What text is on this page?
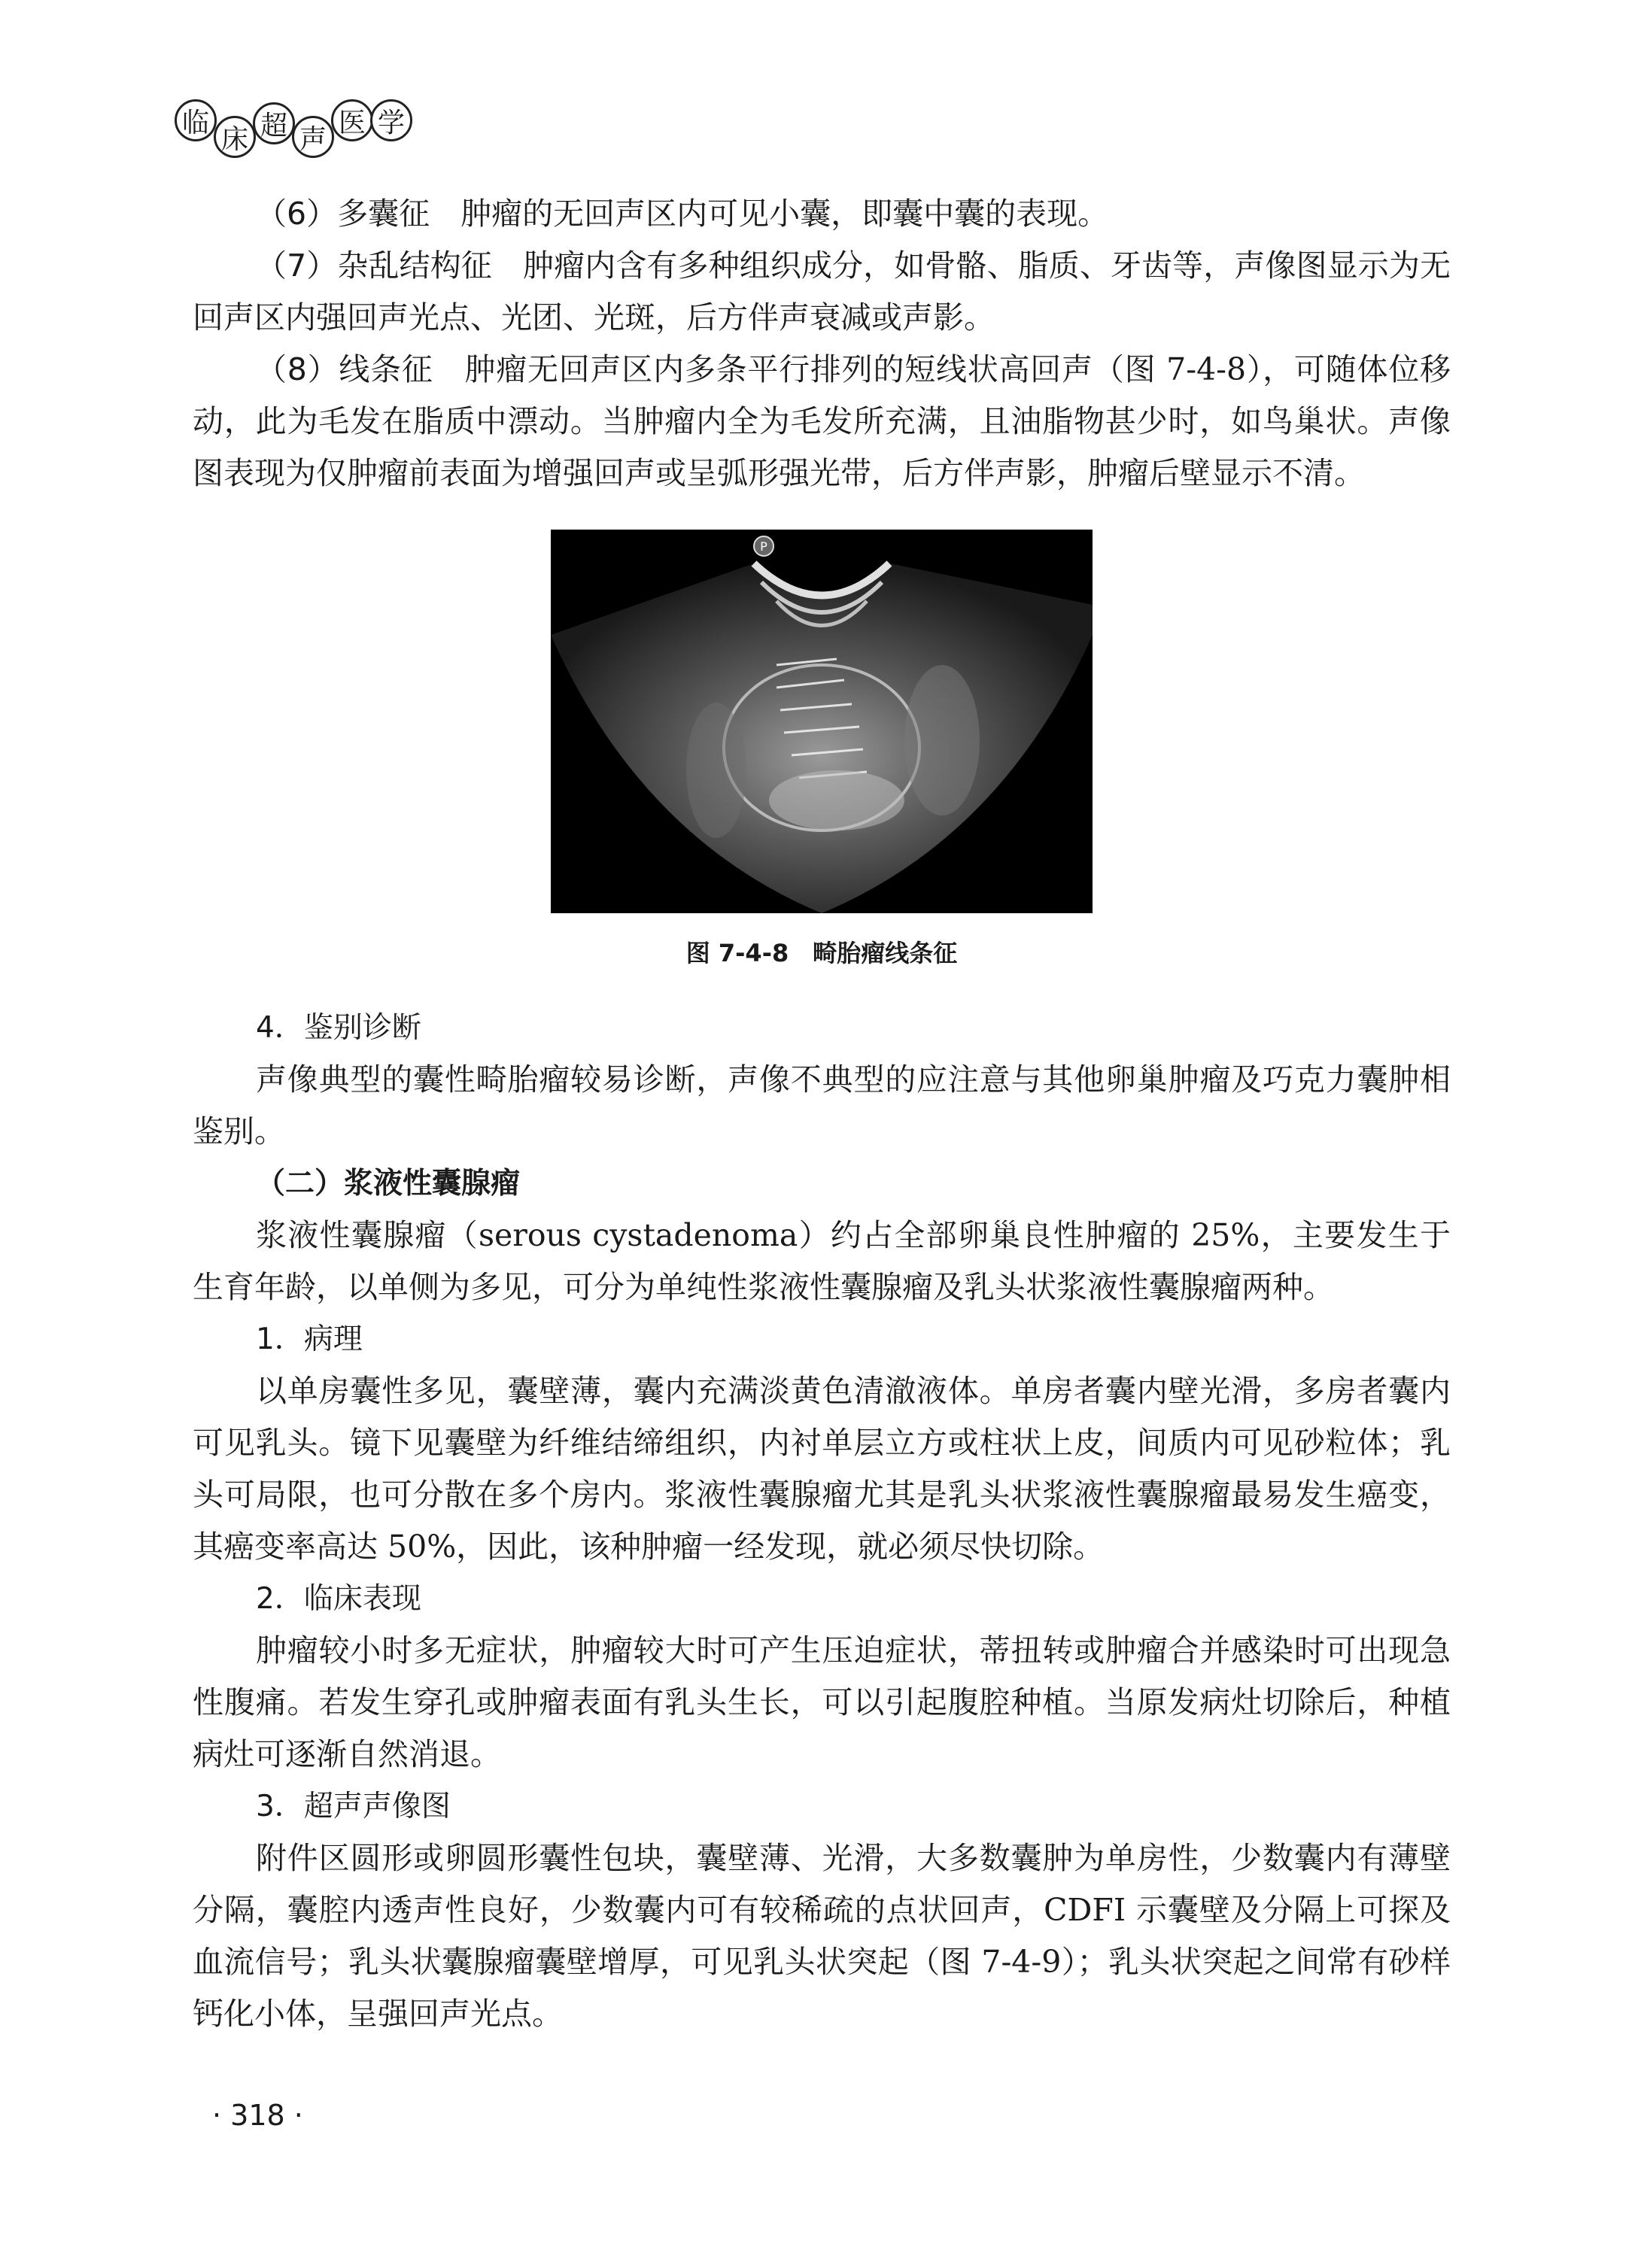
临
床 超 声
医 学

（6）多囊征　肿瘤的无回声区内可见小囊，即囊中囊的表现。

（7）杂乱结构征　肿瘤内含有多种组织成分，如骨骼、脂质、牙齿等，声像图显示为无回声区内强回声光点、光团、光斑，后方伴声衰减或声影。

（8）线条征　肿瘤无回声区内多条平行排列的短线状高回声（图 7-4-8），可随体位移动，此为毛发在脂质中漂动。当肿瘤内全为毛发所充满，且油脂物甚少时，如鸟巢状。声像图表现为仅肿瘤前表面为增强回声或呈弧形强光带，后方伴声影，肿瘤后壁显示不清。

P
图 7-4-8　畸胎瘤线条征

4．鉴别诊断

声像典型的囊性畸胎瘤较易诊断，声像不典型的应注意与其他卵巢肿瘤及巧克力囊肿相鉴别。

（二）浆液性囊腺瘤

浆液性囊腺瘤（serous cystadenoma）约占全部卵巢良性肿瘤的 25%，主要发生于生育年龄，以单侧为多见，可分为单纯性浆液性囊腺瘤及乳头状浆液性囊腺瘤两种。

1．病理

以单房囊性多见，囊壁薄，囊内充满淡黄色清澈液体。单房者囊内壁光滑，多房者囊内可见乳头。镜下见囊壁为纤维结缔组织，内衬单层立方或柱状上皮，间质内可见砂粒体；乳头可局限，也可分散在多个房内。浆液性囊腺瘤尤其是乳头状浆液性囊腺瘤最易发生癌变，其癌变率高达 50%，因此，该种肿瘤一经发现，就必须尽快切除。

2．临床表现

肿瘤较小时多无症状，肿瘤较大时可产生压迫症状，蒂扭转或肿瘤合并感染时可出现急性腹痛。若发生穿孔或肿瘤表面有乳头生长，可以引起腹腔种植。当原发病灶切除后，种植病灶可逐渐自然消退。

3．超声声像图

附件区圆形或卵圆形囊性包块，囊壁薄、光滑，大多数囊肿为单房性，少数囊内有薄壁分隔，囊腔内透声性良好，少数囊内可有较稀疏的点状回声，CDFI 示囊壁及分隔上可探及血流信号；乳头状囊腺瘤囊壁增厚，可见乳头状突起（图 7-4-9）；乳头状突起之间常有砂样钙化小体，呈强回声光点。

· 318 ·
